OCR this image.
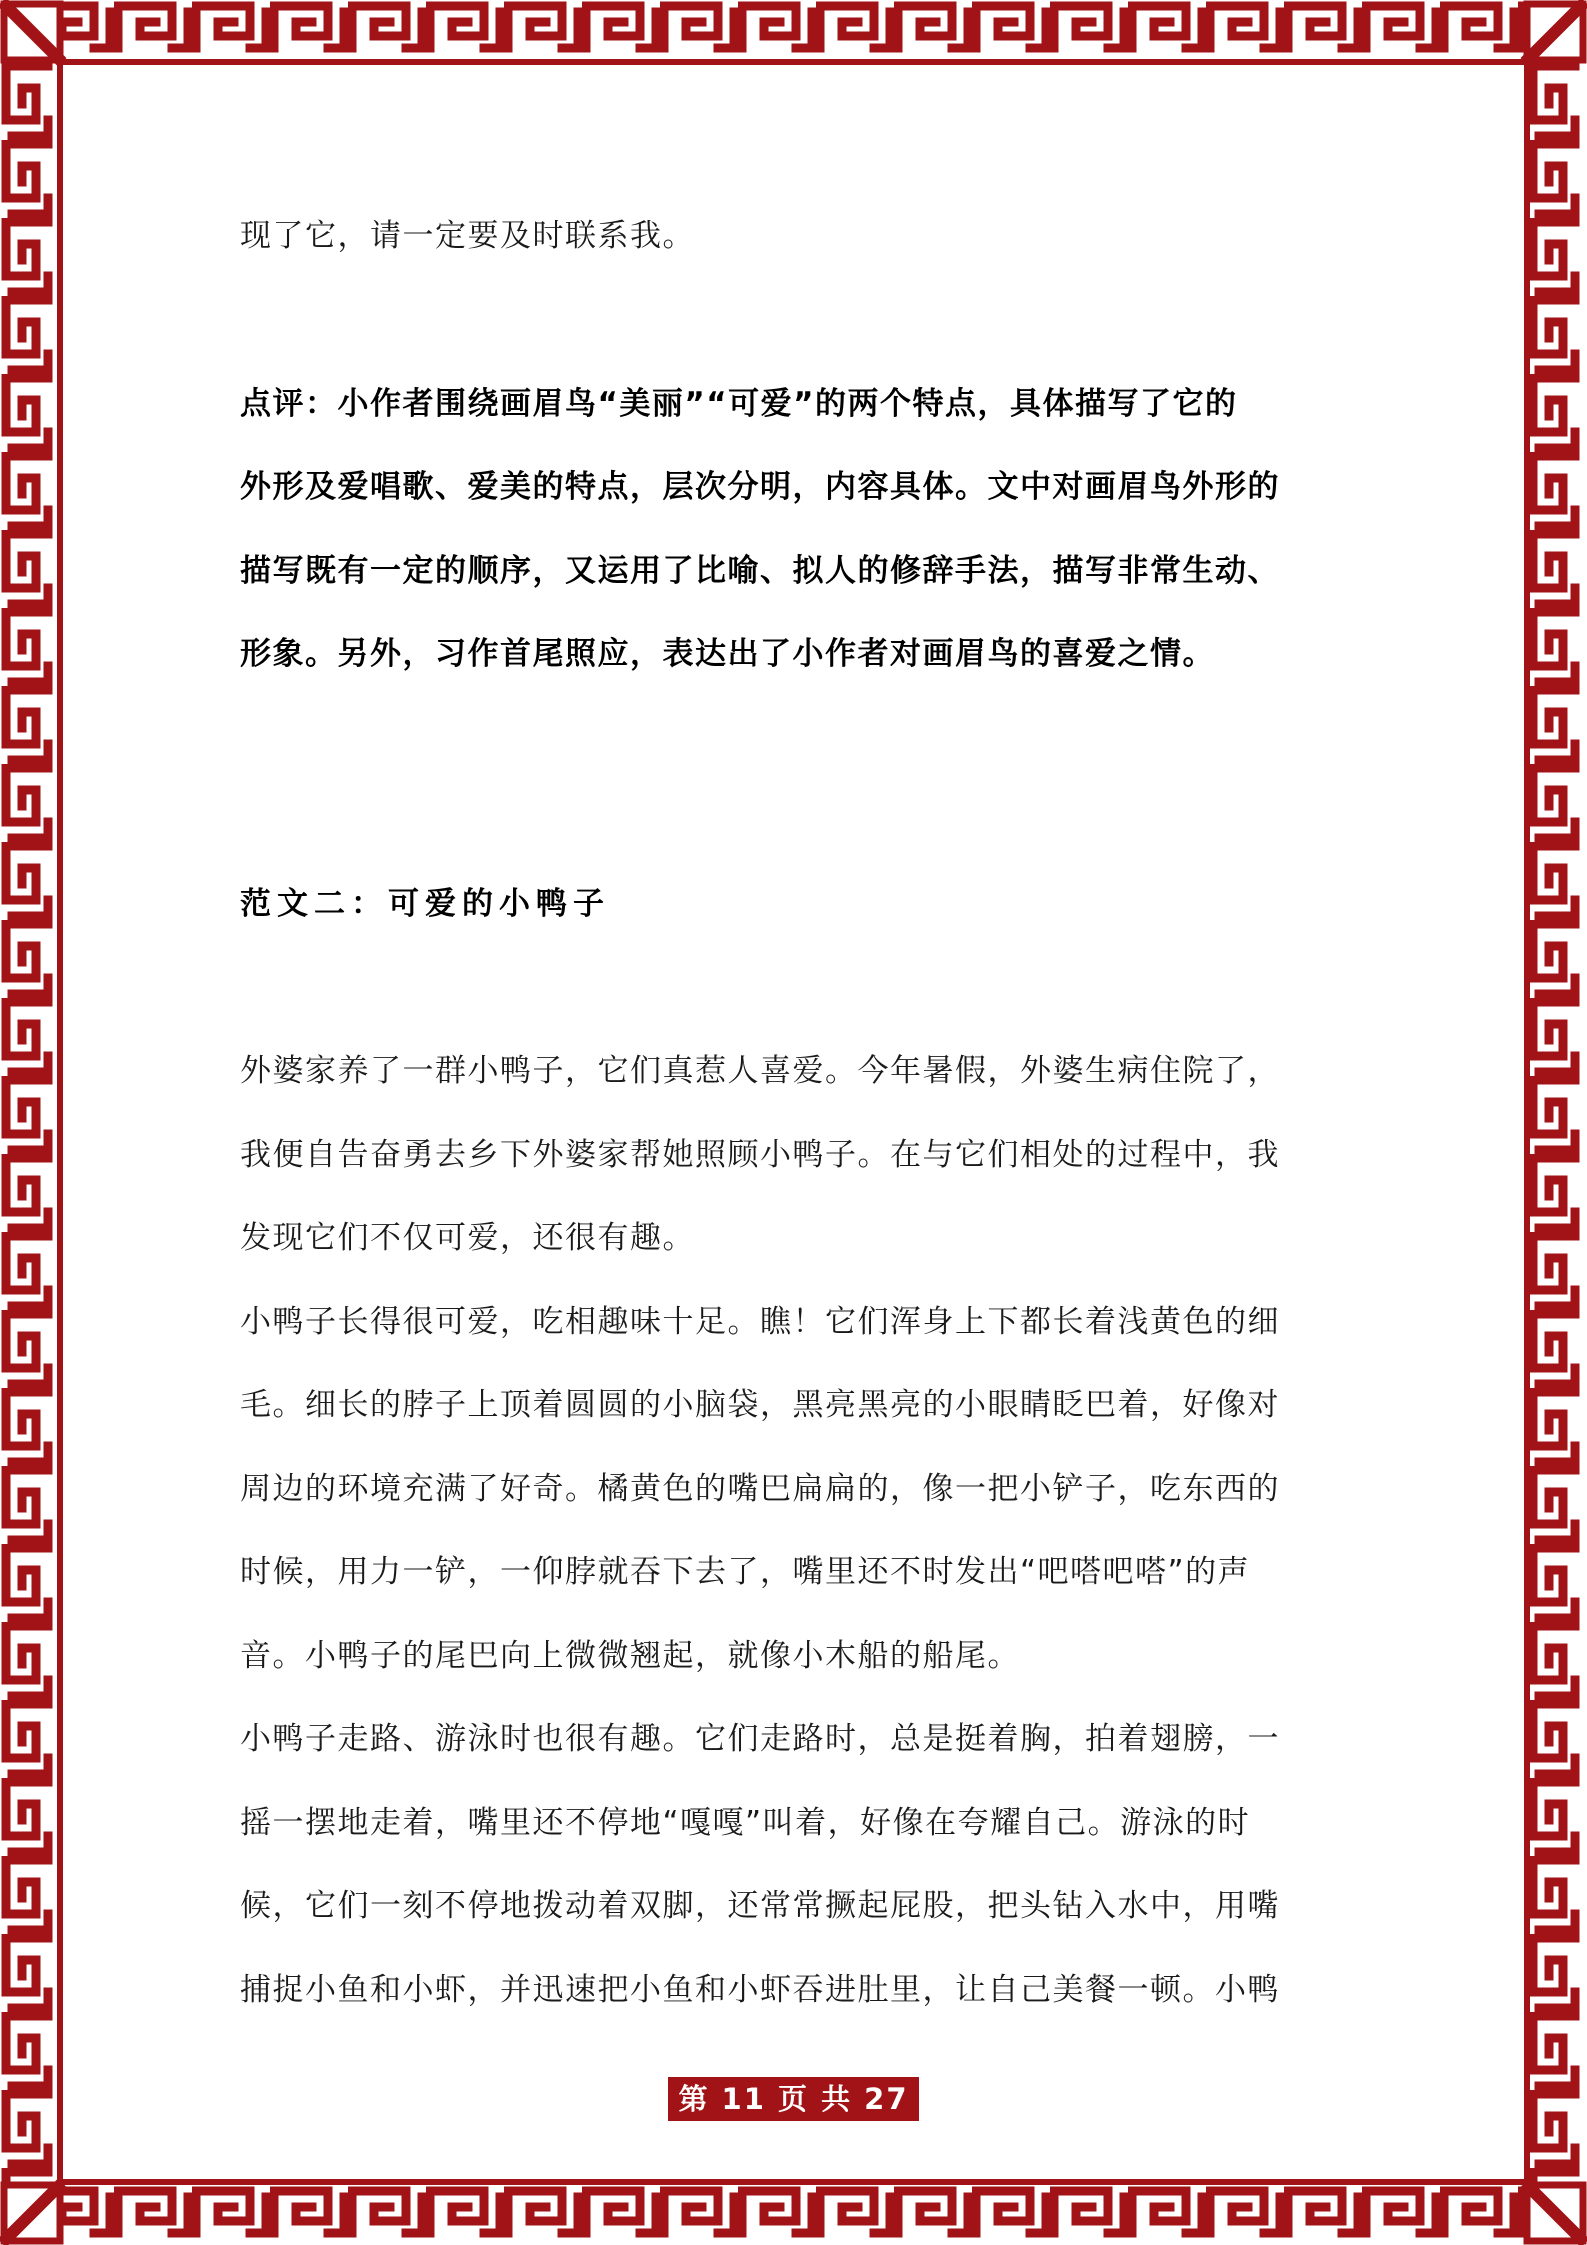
现了它，请一定要及时联系我。

点评：小作者围绕画眉鸟“美丽”“可爱”的两个特点，具体描写了它的

外形及爱唱歌、爱美的特点，层次分明，内容具体。文中对画眉鸟外形的

描写既有一定的顺序，又运用了比喻、拟人的修辞手法，描写非常生动、

形象。另外，习作首尾照应，表达出了小作者对画眉鸟的喜爱之情。

范文二：可爱的小鸭子

外婆家养了一群小鸭子，它们真惹人喜爱。今年暑假，外婆生病住院了，

我便自告奋勇去乡下外婆家帮她照顾小鸭子。在与它们相处的过程中，我

发现它们不仅可爱，还很有趣。

小鸭子长得很可爱，吃相趣味十足。瞧！它们浑身上下都长着浅黄色的细

毛。细长的脖子上顶着圆圆的小脑袋，黑亮黑亮的小眼睛眨巴着，好像对

周边的环境充满了好奇。橘黄色的嘴巴扁扁的，像一把小铲子，吃东西的

时候，用力一铲，一仰脖就吞下去了，嘴里还不时发出“吧嗒吧嗒”的声

音。小鸭子的尾巴向上微微翘起，就像小木船的船尾。

小鸭子走路、游泳时也很有趣。它们走路时，总是挺着胸，拍着翅膀，一

摇一摆地走着，嘴里还不停地“嘎嘎”叫着，好像在夸耀自己。游泳的时

候，它们一刻不停地拨动着双脚，还常常撅起屁股，把头钻入水中，用嘴

捕捉小鱼和小虾，并迅速把小鱼和小虾吞进肚里，让自己美餐一顿。小鸭

第 11 页 共 27 页
